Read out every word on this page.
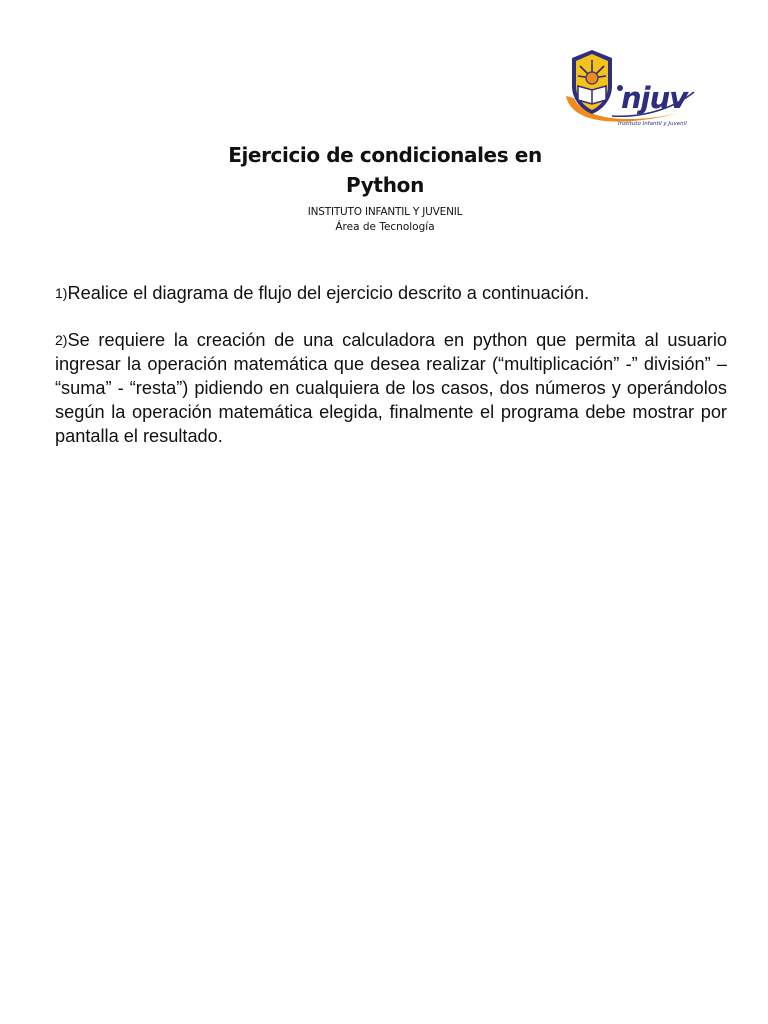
njuv
Instituto Infantil y Juvenil
Ejercicio de condicionales en
Python
INSTITUTO INFANTIL Y JUVENIL
Área de Tecnología

1)Realice el diagrama de flujo del ejercicio descrito a continuación.

2)Se requiere la creación de una calculadora en python que permita al usuario ingresar la operación matemática que desea realizar (“multiplicación” -” división” – “suma” - “resta”) pidiendo en cualquiera de los casos, dos números y operándolos según la operación matemática elegida, finalmente el programa debe mostrar por pantalla el resultado.
